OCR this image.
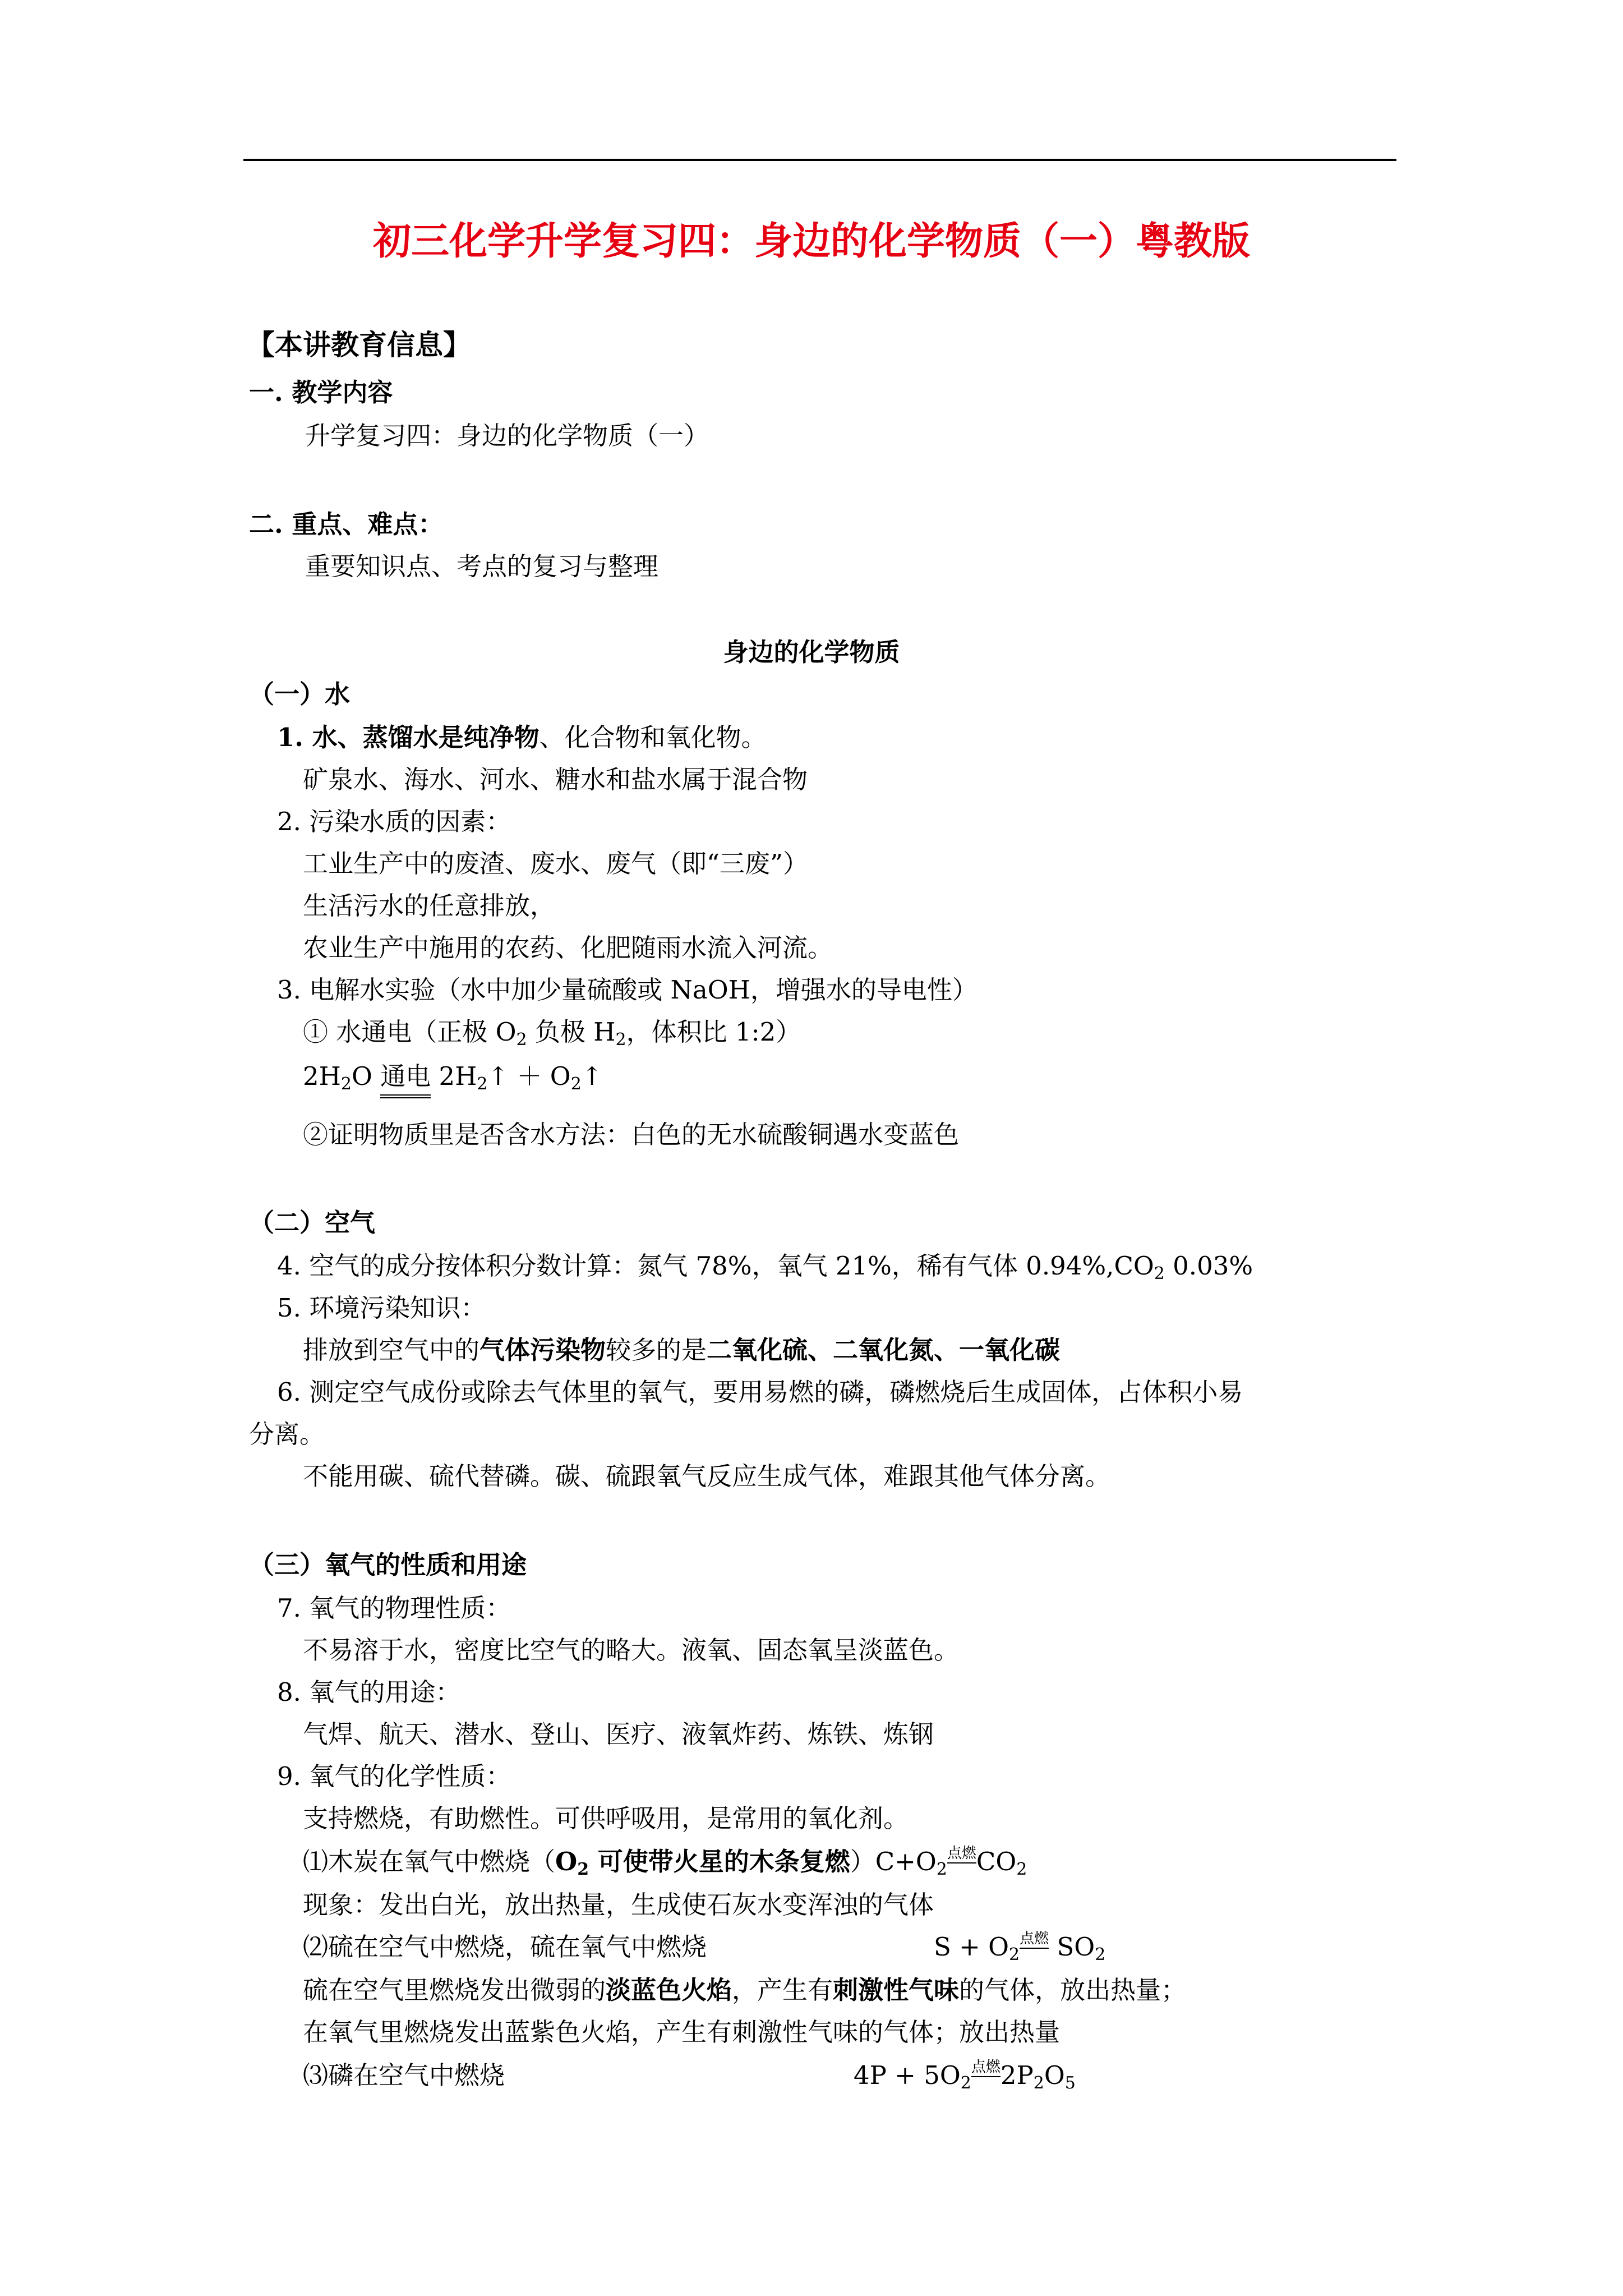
初三化学升学复习四：身边的化学物质（一）粤教版
【本讲教育信息】
一. 教学内容
升学复习四：身边的化学物质（一）
二. 重点、难点：
重要知识点、考点的复习与整理
身边的化学物质
（一）水
1. 水、蒸馏水是纯净物、化合物和氧化物。
矿泉水、海水、河水、糖水和盐水属于混合物
2. 污染水质的因素：
工业生产中的废渣、废水、废气（即“三废”）
生活污水的任意排放，
农业生产中施用的农药、化肥随雨水流入河流。
3. 电解水实验（水中加少量硫酸或 NaOH，增强水的导电性）
① 水通电（正极 $O_2$ 负极 $H_2$，体积比 1:2）
$2H_2O$ 通电 $2H_2↑$ ＋ $O_2↑$
②证明物质里是否含水方法：白色的无水硫酸铜遇水变蓝色
（二）空气
4. 空气的成分按体积分数计算：氮气 78%，氧气 21%，稀有气体 $0.94\%,CO_2$ 0.03%
5. 环境污染知识：
排放到空气中的气体污染物较多的是二氧化硫、二氧化氮、一氧化碳
6. 测定空气成份或除去气体里的氧气，要用易燃的磷，磷燃烧后生成固体，占体积小易
分离。
不能用碳、硫代替磷。碳、硫跟氧气反应生成气体，难跟其他气体分离。
（三）氧气的性质和用途
7. 氧气的物理性质：
不易溶于水，密度比空气的略大。液氧、固态氧呈淡蓝色。
8. 氧气的用途：
气焊、航天、潜水、登山、医疗、液氧炸药、炼铁、炼钢
9. 氧气的化学性质：
支持燃烧，有助燃性。可供呼吸用，是常用的氧化剂。
⑴木炭在氧气中燃烧（$O_2$ 可使带火星的木条复燃）$C+O_2$点燃$CO_2$
现象：发出白光，放出热量，生成使石灰水变浑浊的气体
⑵硫在空气中燃烧，硫在氧气中燃烧	$S + O_2$点燃 $SO_2$
硫在空气里燃烧发出微弱的淡蓝色火焰，产生有刺激性气味的气体，放出热量；
在氧气里燃烧发出蓝紫色火焰，产生有刺激性气味的气体；放出热量
⑶磷在空气中燃烧	$4P + 5O_2$点燃$2P_2O_5$
